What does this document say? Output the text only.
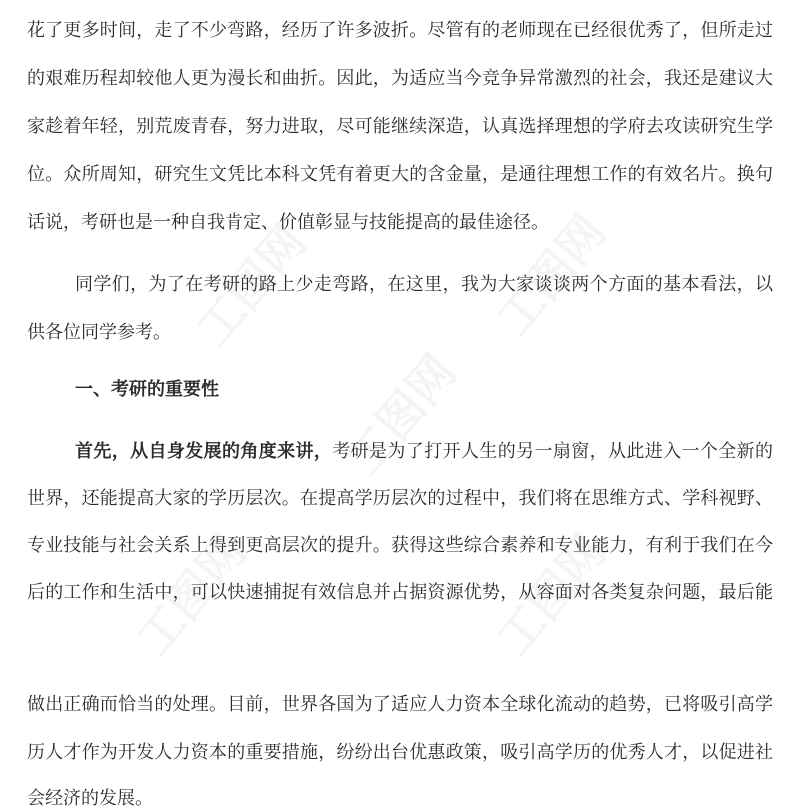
花了更多时间，走了不少弯路，经历了许多波折。尽管有的老师现在已经很优秀了，但所走过
的艰难历程却较他人更为漫长和曲折。因此，为适应当今竞争异常激烈的社会，我还是建议大
家趁着年轻，别荒废青春，努力进取，尽可能继续深造，认真选择理想的学府去攻读研究生学
位。众所周知，研究生文凭比本科文凭有着更大的含金量，是通往理想工作的有效名片。换句
话说，考研也是一种自我肯定、价值彰显与技能提高的最佳途径。
同学们，为了在考研的路上少走弯路，在这里，我为大家谈谈两个方面的基本看法，以
供各位同学参考。
一、考研的重要性
首先，从自身发展的角度来讲，考研是为了打开人生的另一扇窗，从此进入一个全新的
世界，还能提高大家的学历层次。在提高学历层次的过程中，我们将在思维方式、学科视野、
专业技能与社会关系上得到更高层次的提升。获得这些综合素养和专业能力，有利于我们在今
后的工作和生活中，可以快速捕捉有效信息并占据资源优势，从容面对各类复杂问题，最后能
做出正确而恰当的处理。目前，世界各国为了适应人力资本全球化流动的趋势，已将吸引高学
历人才作为开发人力资本的重要措施，纷纷出台优惠政策，吸引高学历的优秀人才，以促进社
会经济的发展。
